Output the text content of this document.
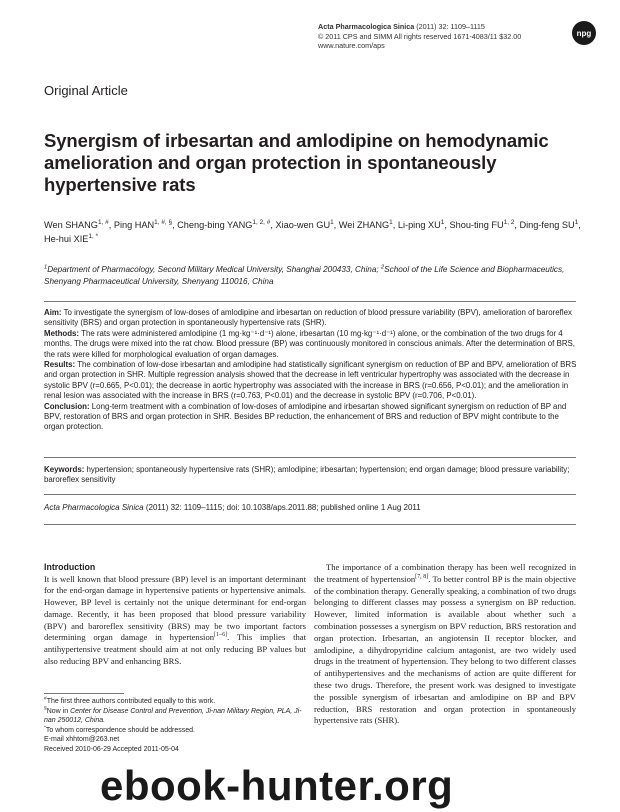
Acta Pharmacologica Sinica (2011) 32: 1109–1115
© 2011 CPS and SIMM All rights reserved 1671-4083/11 $32.00
www.nature.com/aps
npg
Original Article
Synergism of irbesartan and amlodipine on hemodynamic amelioration and organ protection in spontaneously hypertensive rats
Wen $SHANG^{1, \#}$, Ping $HAN^{1, \#, \S}$, Cheng-bing $YANG^{1, 2, \#}$, Xiao-wen $GU^1$, Wei ZHANG$^1$, Li-ping $XU^1$, Shou-ting FU$^{1, 2}$, Ding-feng $SU^1$, He-hui $XIE^{1, *}$
$^1$Department of Pharmacology, Second Military Medical University, Shanghai 200433, China; $^2$School of the Life Science and Biopharmaceutics, Shenyang Pharmaceutical University, Shenyang 110016, China

Aim: To investigate the synergism of low-doses of amlodipine and irbesartan on reduction of blood pressure variability (BPV), amelioration of baroreflex sensitivity (BRS) and organ protection in spontaneously hypertensive rats (SHR).

Methods: The rats were administered amlodipine (1 mg·kg⁻¹·d⁻¹) alone, irbesartan (10 mg·kg⁻¹·d⁻¹) alone, or the combination of the two drugs for 4 months. The drugs were mixed into the rat chow. Blood pressure (BP) was continuously monitored in conscious animals. After the determination of BRS, the rats were killed for morphological evaluation of organ damages.

Results: The combination of low-dose irbesartan and amlodipine had statistically significant synergism on reduction of BP and BPV, amelioration of BRS and organ protection in SHR. Multiple regression analysis showed that the decrease in left ventricular hypertrophy was associated with the decrease in systolic BPV (r=0.665, P<0.01); the decrease in aortic hypertrophy was associated with the increase in BRS (r=0.656, P<0.01); and the amelioration in renal lesion was associated with the increase in BRS (r=0.763, P<0.01) and the decrease in systolic BPV (r=0.706, P<0.01).

Conclusion: Long-term treatment with a combination of low-doses of amlodipine and irbesartan showed significant synergism on reduction of BP and BPV, restoration of BRS and organ protection in SHR. Besides BP reduction, the enhancement of BRS and reduction of BPV might contribute to the organ protection.

Keywords: hypertension; spontaneously hypertensive rats (SHR); amlodipine; irbesartan; hypertension; end organ damage; blood pressure variability; baroreflex sensitivity
Acta Pharmacologica Sinica (2011) 32: 1109–1115; doi: 10.1038/aps.2011.88; published online 1 Aug 2011
Introduction
It is well known that blood pressure (BP) level is an important determinant for the end-organ damage in hypertensive patients or hypertensive animals. However, BP level is certainly not the unique determinant for end-organ damage. Recently, it has been proposed that blood pressure variability (BPV) and baroreflex sensitivity (BRS) may be two important factors determining organ damage in hypertension[1–6]. This implies that antihypertensive treatment should aim at not only reducing BP values but also reducing BPV and enhancing BRS.
The importance of a combination therapy has been well recognized in the treatment of hypertension[7, 8]. To better control BP is the main objective of the combination therapy. Generally speaking, a combination of two drugs belonging to different classes may possess a synergism on BP reduction. However, limited information is available about whether such a combination possesses a synergism on BPV reduction, BRS restoration and organ protection. Irbesartan, an angiotensin II receptor blocker, and amlodipine, a dihydropyridine calcium antagonist, are two widely used drugs in the treatment of hypertension. They belong to two different classes of antihypertensives and the mechanisms of action are quite different for these two drugs. Therefore, the present work was designed to investigate the possible synergism of irbesartan and amlodipine on BP and BPV reduction, BRS restoration and organ protection in spontaneously hypertensive rats (SHR).
#The first three authors contributed equally to this work.
§Now in Center for Disease Control and Prevention, Ji-nan Military Region, PLA, Ji-nan 250012, China.
*To whom correspondence should be addressed.
E-mail xhhtom@263.net
Received 2010-06-29 Accepted 2011-05-04
ebook-hunter.org
